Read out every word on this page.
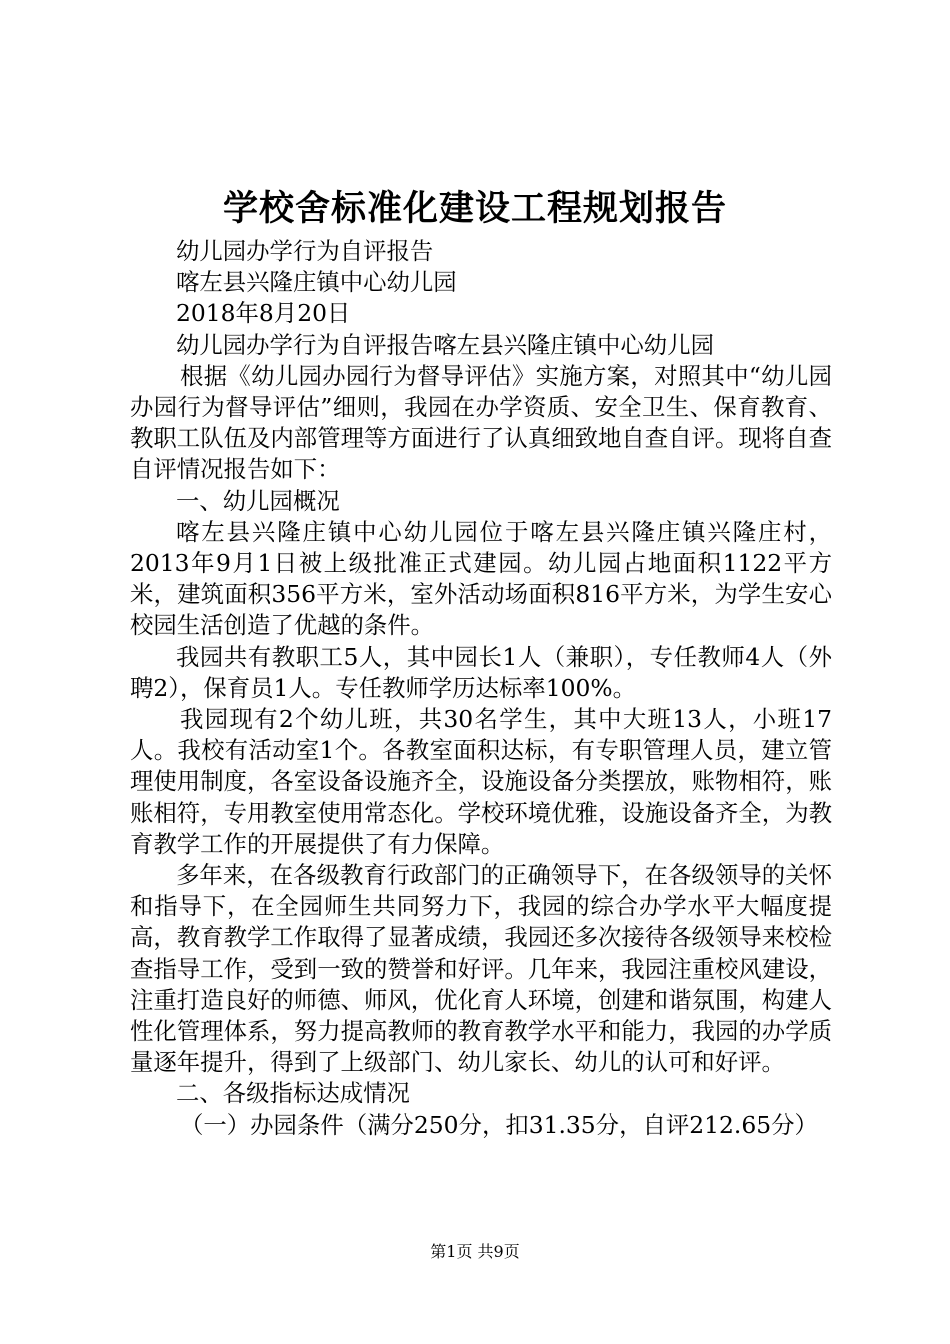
学校舍标准化建设工程规划报告

幼儿园办学行为自评报告

喀左县兴隆庄镇中心幼儿园

2018年8月20日

幼儿园办学行为自评报告喀左县兴隆庄镇中心幼儿园

根据《幼儿园办园行为督导评估》实施方案，对照其中“幼儿园办园行为督导评估”细则，我园在办学资质、安全卫生、保育教育、教职工队伍及内部管理等方面进行了认真细致地自查自评。现将自查自评情况报告如下：

一、幼儿园概况

喀左县兴隆庄镇中心幼儿园位于喀左县兴隆庄镇兴隆庄村，2013年9月1日被上级批准正式建园。幼儿园占地面积1122平方米，建筑面积356平方米，室外活动场面积816平方米，为学生安心校园生活创造了优越的条件。

我园共有教职工5人，其中园长1人（兼职），专任教师4人（外聘2），保育员1人。专任教师学历达标率100%。

我园现有2个幼儿班，共30名学生，其中大班13人，小班17人。我校有活动室1个。各教室面积达标，有专职管理人员，建立管理使用制度，各室设备设施齐全，设施设备分类摆放，账物相符，账账相符，专用教室使用常态化。学校环境优雅，设施设备齐全，为教育教学工作的开展提供了有力保障。

多年来，在各级教育行政部门的正确领导下，在各级领导的关怀和指导下，在全园师生共同努力下，我园的综合办学水平大幅度提高，教育教学工作取得了显著成绩，我园还多次接待各级领导来校检查指导工作，受到一致的赞誉和好评。几年来，我园注重校风建设，注重打造良好的师德、师风，优化育人环境，创建和谐氛围，构建人性化管理体系，努力提高教师的教育教学水平和能力，我园的办学质量逐年提升，得到了上级部门、幼儿家长、幼儿的认可和好评。

二、各级指标达成情况

（一）办园条件（满分250分，扣31.35分，自评212.65分）

第1页 共9页
